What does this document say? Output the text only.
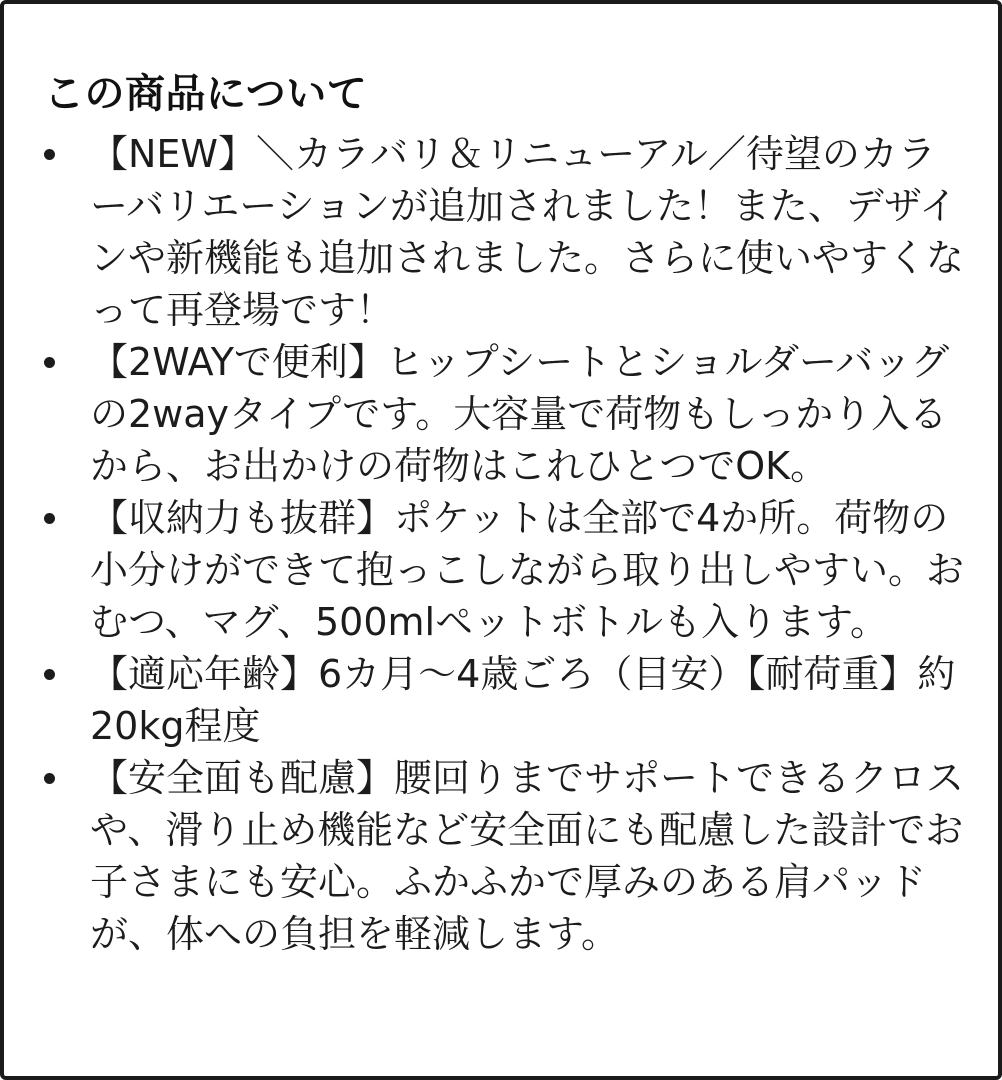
この商品について
【NEW】＼カラバリ＆リニューアル／待望のカラーバリエーションが追加されました！また、デザインや新機能も追加されました。さらに使いやすくなって再登場です！
【2WAYで便利】ヒップシートとショルダーバッグの2wayタイプです。大容量で荷物もしっかり入るから、お出かけの荷物はこれひとつでOK。
【収納力も抜群】ポケットは全部で4か所。荷物の小分けができて抱っこしながら取り出しやすい。おむつ、マグ、500mlペットボトルも入ります。
【適応年齢】6カ月〜4歳ごろ（目安）【耐荷重】約20kg程度
【安全面も配慮】腰回りまでサポートできるクロスや、滑り止め機能など安全面にも配慮した設計でお子さまにも安心。ふかふかで厚みのある肩パッドが、体への負担を軽減します。
